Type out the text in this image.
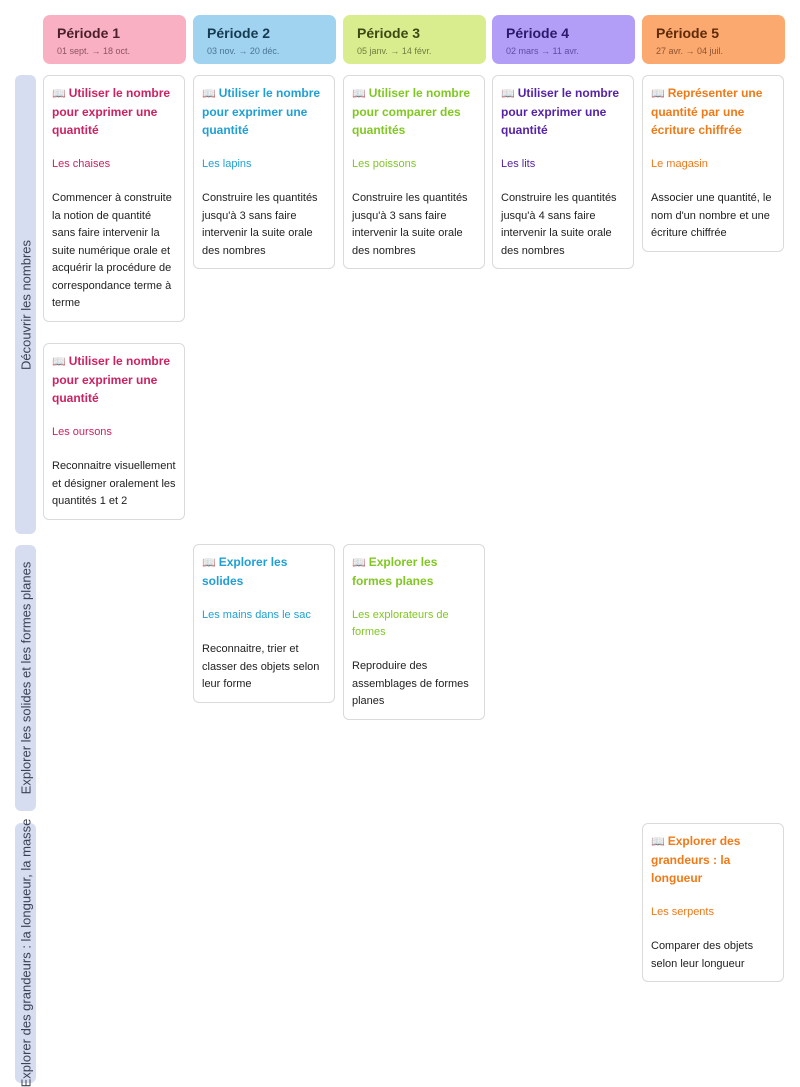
Période 1
01 sept. → 18 oct.
Période 2
03 nov. → 20 déc.
Période 3
05 janv. → 14 févr.
Période 4
02 mars → 11 avr.
Période 5
27 avr. → 04 juil.
Découvrir les nombres
Explorer les solides et les formes planes
Explorer des grandeurs : la longueur, la masse
📖 Utiliser le nombre pour exprimer une quantité
Les chaises
Commencer à construite la notion de quantité sans faire intervenir la suite numérique orale et acquérir la procédure de correspondance terme à terme
📖 Utiliser le nombre pour exprimer une quantité
Les oursons
Reconnaitre visuellement et désigner oralement les quantités 1 et 2
📖 Utiliser le nombre pour exprimer une quantité
Les lapins
Construire les quantités jusqu'à 3 sans faire intervenir la suite orale des nombres
📖 Utiliser le nombre pour comparer des quantités
Les poissons
Construire les quantités jusqu'à 3 sans faire intervenir la suite orale des nombres
📖 Utiliser le nombre pour exprimer une quantité
Les lits
Construire les quantités jusqu'à 4 sans faire intervenir la suite orale des nombres
📖 Représenter une quantité par une écriture chiffrée
Le magasin
Associer une quantité, le nom d'un nombre et une écriture chiffrée
📖 Explorer les solides
Les mains dans le sac
Reconnaitre, trier et classer des objets selon leur forme
📖 Explorer les formes planes
Les explorateurs de formes
Reproduire des assemblages de formes planes
📖 Explorer des grandeurs : la longueur
Les serpents
Comparer des objets selon leur longueur
